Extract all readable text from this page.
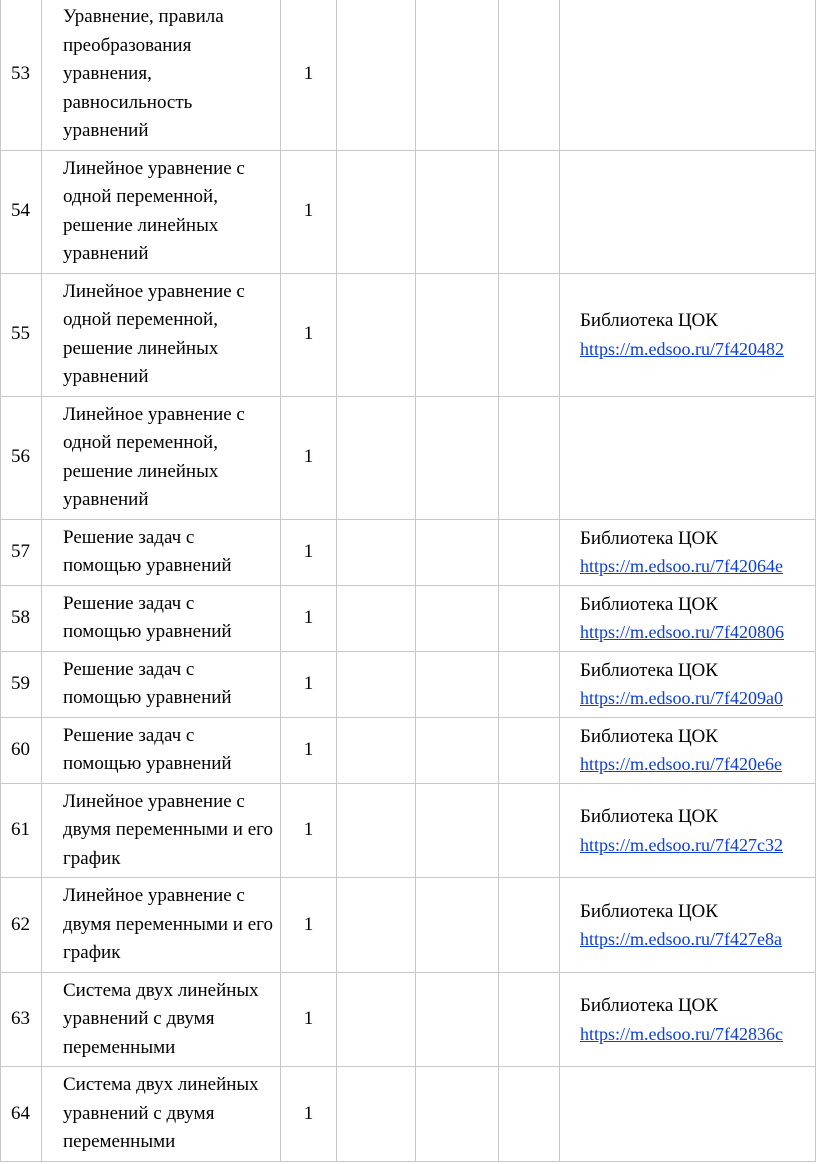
53	Уравнение, правила преобразования уравнения, равносильность уравнений	1				
54	Линейное уравнение с одной переменной, решение линейных уравнений	1				
55	Линейное уравнение с одной переменной, решение линейных уравнений	1				Библиотека ЦОК
https://m.edsoo.ru/7f420482

56	Линейное уравнение с одной переменной, решение линейных уравнений	1				
57	Решение задач с помощью уравнений	1				Библиотека ЦОК
https://m.edsoo.ru/7f42064e

58	Решение задач с помощью уравнений	1				Библиотека ЦОК
https://m.edsoo.ru/7f420806

59	Решение задач с помощью уравнений	1				Библиотека ЦОК
https://m.edsoo.ru/7f4209a0

60	Решение задач с помощью уравнений	1				Библиотека ЦОК
https://m.edsoo.ru/7f420e6e

61	Линейное уравнение с двумя переменными и его график	1				Библиотека ЦОК
https://m.edsoo.ru/7f427c32

62	Линейное уравнение с двумя переменными и его график	1				Библиотека ЦОК
https://m.edsoo.ru/7f427e8a

63	Система двух линейных уравнений с двумя переменными	1				Библиотека ЦОК
https://m.edsoo.ru/7f42836c

64	Система двух линейных уравнений с двумя переменными	1				
